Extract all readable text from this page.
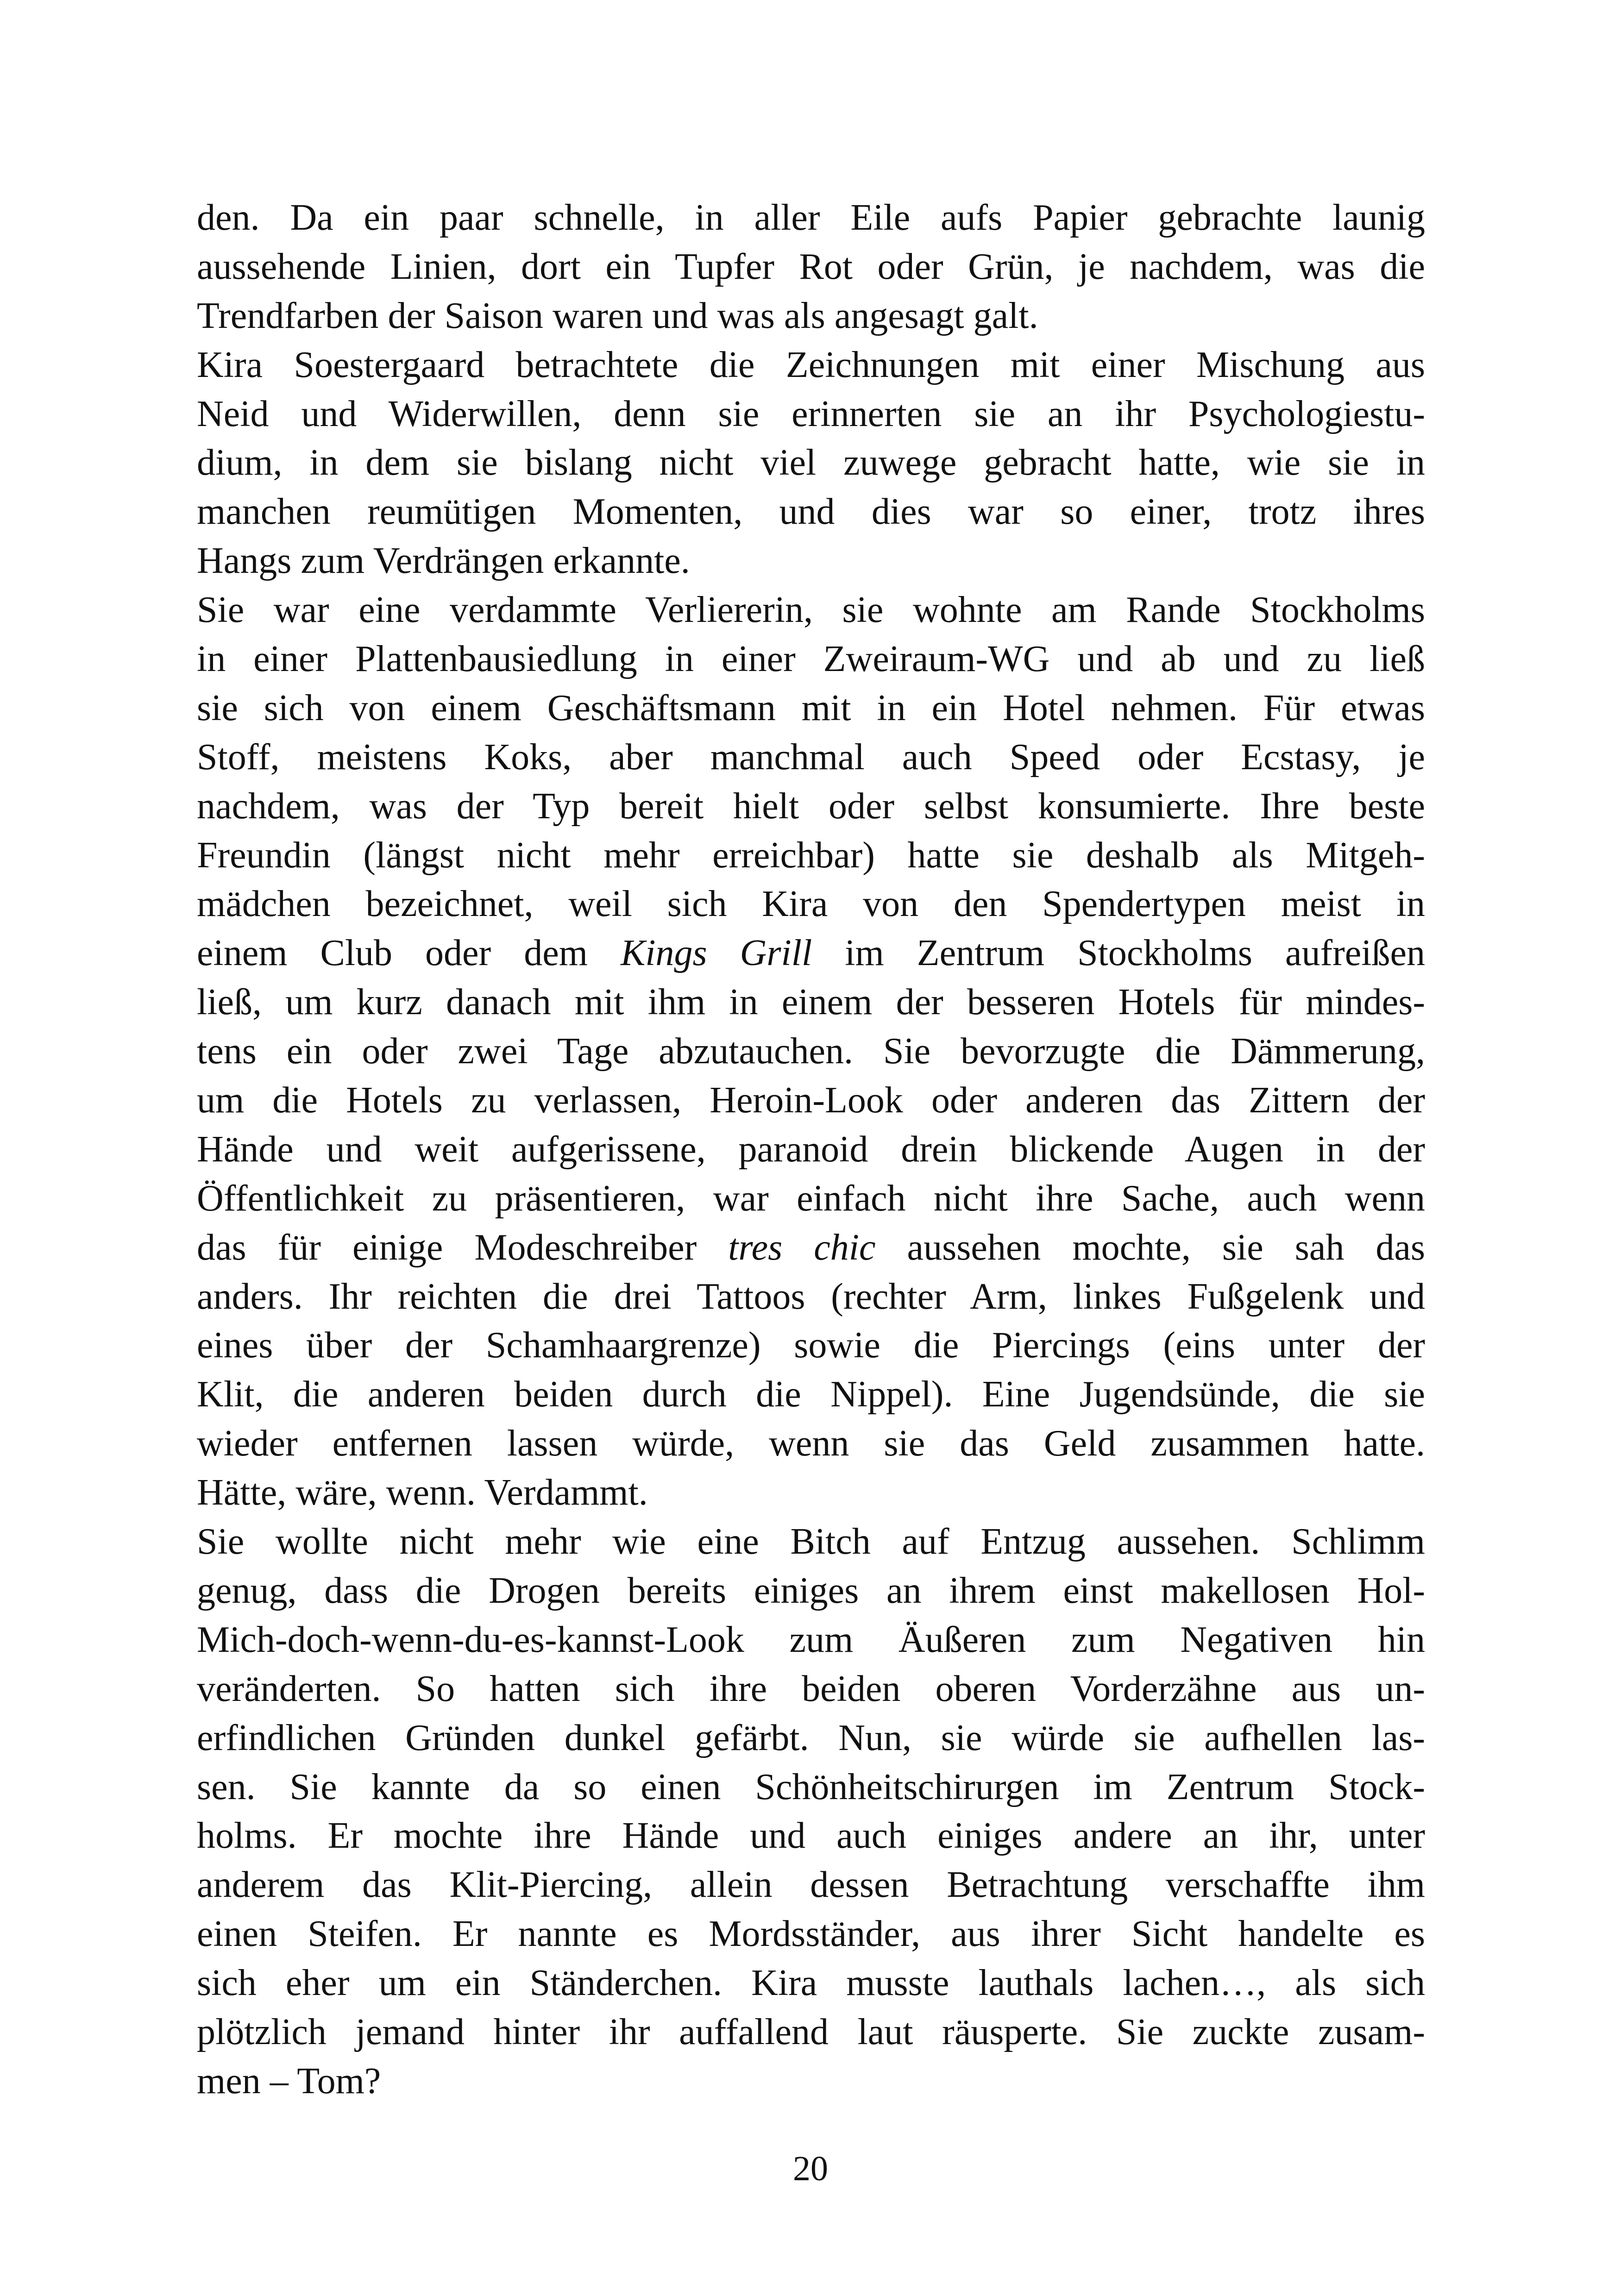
den. Da ein paar schnelle, in aller Eile aufs Papier gebrachte launig
aussehende Linien, dort ein Tupfer Rot oder Grün, je nachdem, was die
Trendfarben der Saison waren und was als angesagt galt.
Kira Soestergaard betrachtete die Zeichnungen mit einer Mischung aus
Neid und Widerwillen, denn sie erinnerten sie an ihr Psychologiestu-
dium, in dem sie bislang nicht viel zuwege gebracht hatte, wie sie in
manchen reumütigen Momenten, und dies war so einer, trotz ihres
Hangs zum Verdrängen erkannte.
Sie war eine verdammte Verliererin, sie wohnte am Rande Stockholms
in einer Plattenbausiedlung in einer Zweiraum-WG und ab und zu ließ
sie sich von einem Geschäftsmann mit in ein Hotel nehmen. Für etwas
Stoff, meistens Koks, aber manchmal auch Speed oder Ecstasy, je
nachdem, was der Typ bereit hielt oder selbst konsumierte. Ihre beste
Freundin (längst nicht mehr erreichbar) hatte sie deshalb als Mitgeh-
mädchen bezeichnet, weil sich Kira von den Spendertypen meist in
einem Club oder dem Kings Grill im Zentrum Stockholms aufreißen
ließ, um kurz danach mit ihm in einem der besseren Hotels für mindes-
tens ein oder zwei Tage abzutauchen. Sie bevorzugte die Dämmerung,
um die Hotels zu verlassen, Heroin-Look oder anderen das Zittern der
Hände und weit aufgerissene, paranoid drein blickende Augen in der
Öffentlichkeit zu präsentieren, war einfach nicht ihre Sache, auch wenn
das für einige Modeschreiber tres chic aussehen mochte, sie sah das
anders. Ihr reichten die drei Tattoos (rechter Arm, linkes Fußgelenk und
eines über der Schamhaargrenze) sowie die Piercings (eins unter der
Klit, die anderen beiden durch die Nippel). Eine Jugendsünde, die sie
wieder entfernen lassen würde, wenn sie das Geld zusammen hatte.
Hätte, wäre, wenn. Verdammt.
Sie wollte nicht mehr wie eine Bitch auf Entzug aussehen. Schlimm
genug, dass die Drogen bereits einiges an ihrem einst makellosen Hol-
Mich-doch-wenn-du-es-kannst-Look zum Äußeren zum Negativen hin
veränderten. So hatten sich ihre beiden oberen Vorderzähne aus un-
erfindlichen Gründen dunkel gefärbt. Nun, sie würde sie aufhellen las-
sen. Sie kannte da so einen Schönheitschirurgen im Zentrum Stock-
holms. Er mochte ihre Hände und auch einiges andere an ihr, unter
anderem das Klit-Piercing, allein dessen Betrachtung verschaffte ihm
einen Steifen. Er nannte es Mordsständer, aus ihrer Sicht handelte es
sich eher um ein Ständerchen. Kira musste lauthals lachen…, als sich
plötzlich jemand hinter ihr auffallend laut räusperte. Sie zuckte zusam-
men – Tom?
20
